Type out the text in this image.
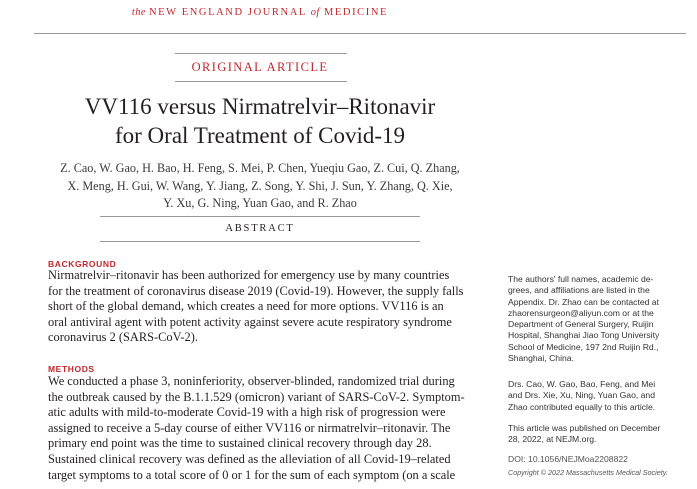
the NEW ENGLAND JOURNAL of MEDICINE
ORIGINAL ARTICLE
VV116 versus Nirmatrelvir–Ritonavir
for Oral Treatment of Covid-19
Z. Cao, W. Gao, H. Bao, H. Feng, S. Mei, P. Chen, Yueqiu Gao, Z. Cui, Q. Zhang,
X. Meng, H. Gui, W. Wang, Y. Jiang, Z. Song, Y. Shi, J. Sun, Y. Zhang, Q. Xie,
Y. Xu, G. Ning, Yuan Gao, and R. Zhao
ABSTRACT
BACKGROUND
Nirmatrelvir–ritonavir has been authorized for emergency use by many countries
for the treatment of coronavirus disease 2019 (Covid-19). However, the supply falls
short of the global demand, which creates a need for more options. VV116 is an
oral antiviral agent with potent activity against severe acute respiratory syndrome
coronavirus 2 (SARS-CoV-2).
METHODS
We conducted a phase 3, noninferiority, observer-blinded, randomized trial during
the outbreak caused by the B.1.1.529 (omicron) variant of SARS-CoV-2. Symptom-
atic adults with mild-to-moderate Covid-19 with a high risk of progression were
assigned to receive a 5-day course of either VV116 or nirmatrelvir–ritonavir. The
primary end point was the time to sustained clinical recovery through day 28.
Sustained clinical recovery was defined as the alleviation of all Covid-19–related
target symptoms to a total score of 0 or 1 for the sum of each symptom (on a scale
The authors' full names, academic de-
grees, and affiliations are listed in the
Appendix. Dr. Zhao can be contacted at
zhaorensurgeon@aliyun.com or at the
Department of General Surgery, Ruijin
Hospital, Shanghai Jiao Tong University
School of Medicine, 197 2nd Ruijin Rd.,
Shanghai, China.
Drs. Cao, W. Gao, Bao, Feng, and Mei
and Drs. Xie, Xu, Ning, Yuan Gao, and
Zhao contributed equally to this article.
This article was published on December
28, 2022, at NEJM.org.
DOI: 10.1056/NEJMoa2208822
Copyright © 2022 Massachusetts Medical Society.
